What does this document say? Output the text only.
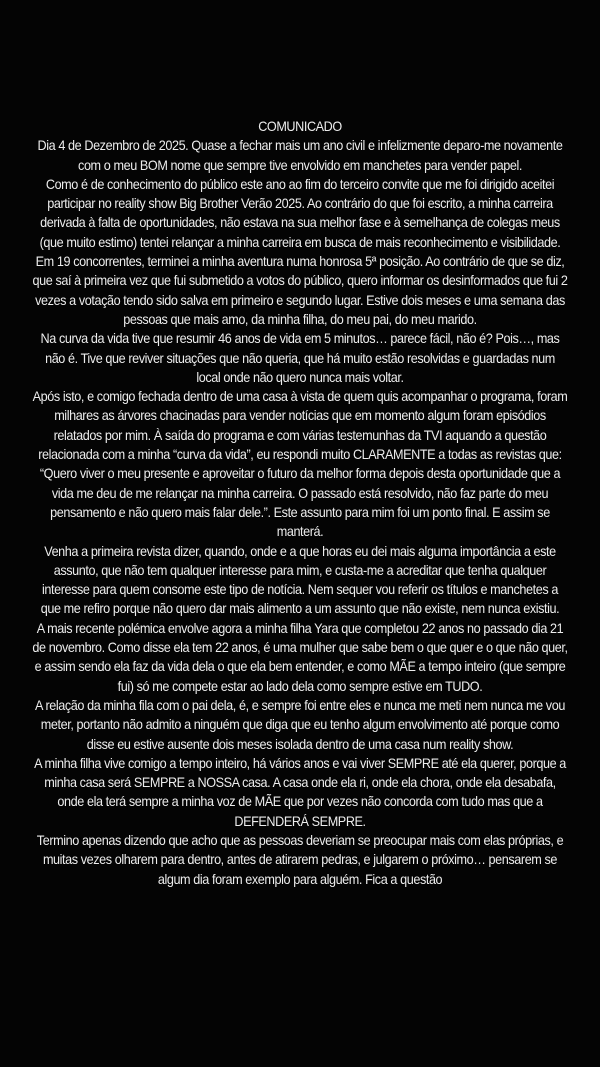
COMUNICADO

Dia 4 de Dezembro de 2025. Quase a fechar mais um ano civil e infelizmente deparo-me novamente com o meu BOM nome que sempre tive envolvido em manchetes para vender papel.

Como é de conhecimento do público este ano ao fim do terceiro convite que me foi dirigido aceitei participar no reality show Big Brother Verão 2025. Ao contrário do que foi escrito, a minha carreira derivada à falta de oportunidades, não estava na sua melhor fase e à semelhança de colegas meus (que muito estimo) tentei relançar a minha carreira em busca de mais reconhecimento e visibilidade. Em 19 concorrentes, terminei a minha aventura numa honrosa 5ª posição. Ao contrário de que se diz, que saí à primeira vez que fui submetido a votos do público, quero informar os desinformados que fui 2 vezes a votação tendo sido salva em primeiro e segundo lugar. Estive dois meses e uma semana das pessoas que mais amo, da minha filha, do meu pai, do meu marido.

Na curva da vida tive que resumir 46 anos de vida em 5 minutos… parece fácil, não é? Pois…, mas não é. Tive que reviver situações que não queria, que há muito estão resolvidas e guardadas num local onde não quero nunca mais voltar.

Após isto, e comigo fechada dentro de uma casa à vista de quem quis acompanhar o programa, foram milhares as árvores chacinadas para vender notícias que em momento algum foram episódios relatados por mim. À saída do programa e com várias testemunhas da TVI aquando a questão relacionada com a minha “curva da vida”, eu respondi muito CLARAMENTE a todas as revistas que: “Quero viver o meu presente e aproveitar o futuro da melhor forma depois desta oportunidade que a vida me deu de me relançar na minha carreira. O passado está resolvido, não faz parte do meu pensamento e não quero mais falar dele.”. Este assunto para mim foi um ponto final. E assim se manterá.

Venha a primeira revista dizer, quando, onde e a que horas eu dei mais alguma importância a este assunto, que não tem qualquer interesse para mim, e custa-me a acreditar que tenha qualquer interesse para quem consome este tipo de notícia. Nem sequer vou referir os títulos e manchetes a que me refiro porque não quero dar mais alimento a um assunto que não existe, nem nunca existiu.

A mais recente polémica envolve agora a minha filha Yara que completou 22 anos no passado dia 21 de novembro. Como disse ela tem 22 anos, é uma mulher que sabe bem o que quer e o que não quer, e assim sendo ela faz da vida dela o que ela bem entender, e como MÃE a tempo inteiro (que sempre fui) só me compete estar ao lado dela como sempre estive em TUDO.

A relação da minha fila com o pai dela, é, e sempre foi entre eles e nunca me meti nem nunca me vou meter, portanto não admito a ninguém que diga que eu tenho algum envolvimento até porque como disse eu estive ausente dois meses isolada dentro de uma casa num reality show.

A minha filha vive comigo a tempo inteiro, há vários anos e vai viver SEMPRE até ela querer, porque a minha casa será SEMPRE a NOSSA casa. A casa onde ela ri, onde ela chora, onde ela desabafa, onde ela terá sempre a minha voz de MÃE que por vezes não concorda com tudo mas que a DEFENDERÁ SEMPRE.

Termino apenas dizendo que acho que as pessoas deveriam se preocupar mais com elas próprias, e muitas vezes olharem para dentro, antes de atirarem pedras, e julgarem o próximo… pensarem se algum dia foram exemplo para alguém. Fica a questão
